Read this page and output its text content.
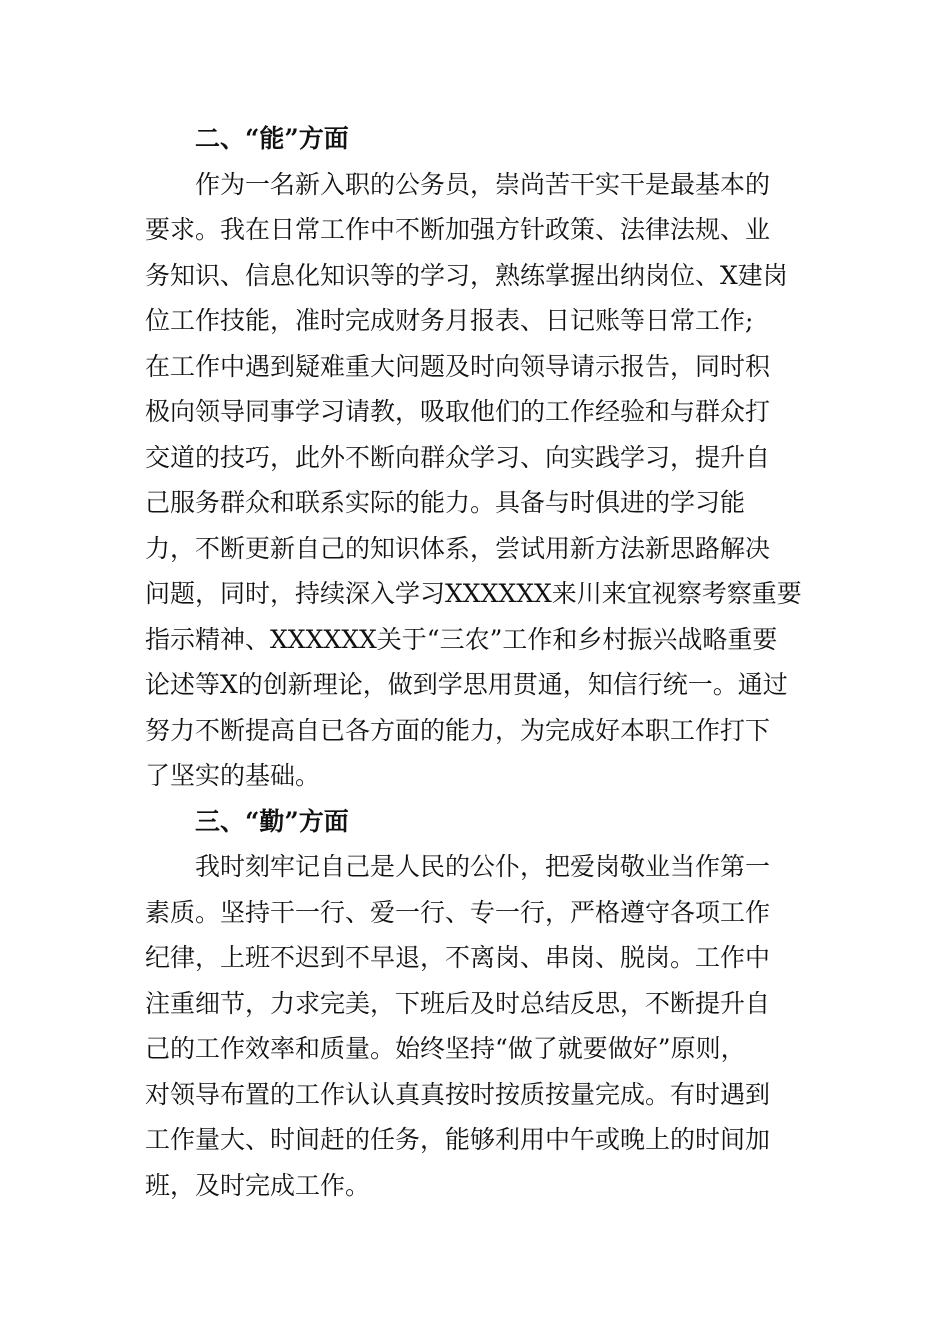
二、“能”方面
作为一名新入职的公务员，崇尚苦干实干是最基本的
要求。我在日常工作中不断加强方针政策、法律法规、业
务知识、信息化知识等的学习，熟练掌握出纳岗位、X建岗
位工作技能，准时完成财务月报表、日记账等日常工作;
在工作中遇到疑难重大问题及时向领导请示报告，同时积
极向领导同事学习请教，吸取他们的工作经验和与群众打
交道的技巧，此外不断向群众学习、向实践学习，提升自
己服务群众和联系实际的能力。具备与时俱进的学习能
力，不断更新自己的知识体系，尝试用新方法新思路解决
问题，同时，持续深入学习XXXXXX来川来宜视察考察重要
指示精神、XXXXXX关于“三农”工作和乡村振兴战略重要
论述等X的创新理论，做到学思用贯通，知信行统一。通过
努力不断提高自已各方面的能力，为完成好本职工作打下
了坚实的基础。
三、“勤”方面
我时刻牢记自己是人民的公仆，把爱岗敬业当作第一
素质。坚持干一行、爱一行、专一行，严格遵守各项工作
纪律，上班不迟到不早退，不离岗、串岗、脱岗。工作中
注重细节，力求完美，下班后及时总结反思，不断提升自
己的工作效率和质量。始终坚持“做了就要做好”原则，
对领导布置的工作认认真真按时按质按量完成。有时遇到
工作量大、时间赶的任务，能够利用中午或晚上的时间加
班，及时完成工作。
